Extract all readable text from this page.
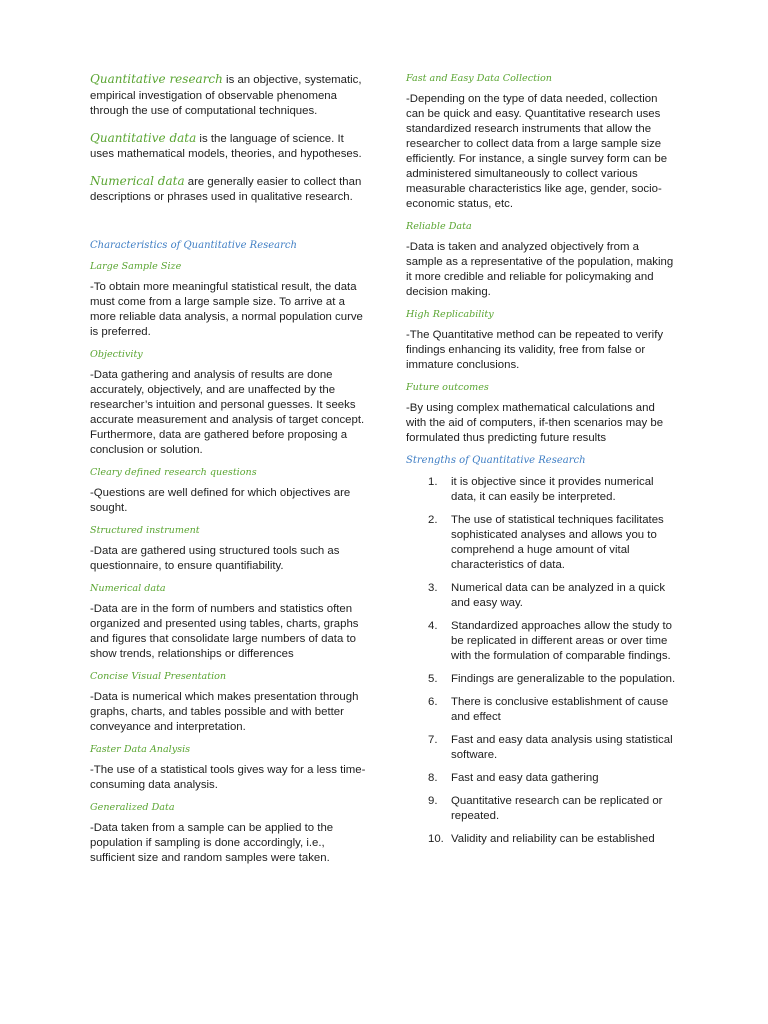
Quantitative research is an objective, systematic, empirical investigation of observable phenomena through the use of computational techniques.

Quantitative data is the language of science. It uses mathematical models, theories, and hypotheses.

Numerical data are generally easier to collect than descriptions or phrases used in qualitative research.

Characteristics of Quantitative Research
Large Sample Size

-To obtain more meaningful statistical result, the data must come from a large sample size. To arrive at a more reliable data analysis, a normal population curve is preferred.

Objectivity

-Data gathering and analysis of results are done accurately, objectively, and are unaffected by the researcher’s intuition and personal guesses. It seeks accurate measurement and analysis of target concept. Furthermore, data are gathered before proposing a conclusion or solution.

Cleary defined research questions

-Questions are well defined for which objectives are sought.

Structured instrument

-Data are gathered using structured tools such as questionnaire, to ensure quantifiability.

Numerical data

-Data are in the form of numbers and statistics often organized and presented using tables, charts, graphs and figures that consolidate large numbers of data to show trends, relationships or differences

Concise Visual Presentation

-Data is numerical which makes presentation through graphs, charts, and tables possible and with better conveyance and interpretation.

Faster Data Analysis

-The use of a statistical tools gives way for a less time-consuming data analysis.

Generalized Data

-Data taken from a sample can be applied to the population if sampling is done accordingly, i.e., sufficient size and random samples were taken.

Fast and Easy Data Collection

-Depending on the type of data needed, collection can be quick and easy. Quantitative research uses standardized research instruments that allow the researcher to collect data from a large sample size efficiently. For instance, a single survey form can be administered simultaneously to collect various measurable characteristics like age, gender, socio-economic status, etc.

Reliable Data

-Data is taken and analyzed objectively from a sample as a representative of the population, making it more credible and reliable for policymaking and decision making.

High Replicability

-The Quantitative method can be repeated to verify findings enhancing its validity, free from false or immature conclusions.

Future outcomes

-By using complex mathematical calculations and with the aid of computers, if-then scenarios may be formulated thus predicting future results

Strengths of Quantitative Research
1.	it is objective since it provides numerical data, it can easily be interpreted.
2.	The use of statistical techniques facilitates sophisticated analyses and allows you to comprehend a huge amount of vital characteristics of data.
3.	Numerical data can be analyzed in a quick and easy way.
4.	Standardized approaches allow the study to be replicated in different areas or over time with the formulation of comparable findings.
5.	Findings are generalizable to the population.
6.	There is conclusive establishment of cause and effect
7.	Fast and easy data analysis using statistical software.
8.	Fast and easy data gathering
9.	Quantitative research can be replicated or repeated.
10. Validity and reliability can be established
